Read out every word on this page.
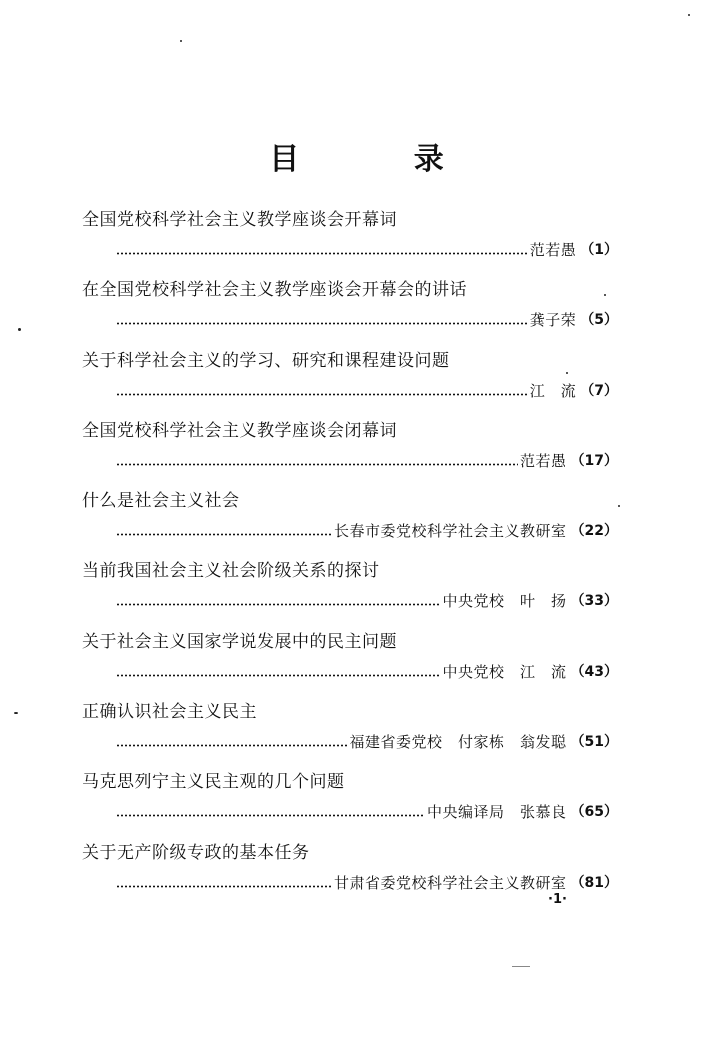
目 录
全国党校科学社会主义教学座谈会开幕词
范若愚 （1）
在全国党校科学社会主义教学座谈会开幕会的讲话
龚子荣 （5）
关于科学社会主义的学习、研究和课程建设问题
江　流 （7）
全国党校科学社会主义教学座谈会闭幕词
范若愚 （17）
什么是社会主义社会
长春市委党校科学社会主义教研室 （22）
当前我国社会主义社会阶级关系的探讨
中央党校　叶　扬 （33）
关于社会主义国家学说发展中的民主问题
中央党校　江　流 （43）
正确认识社会主义民主
福建省委党校　付家栋　翁发聪 （51）
马克思列宁主义民主观的几个问题
中央编译局　张慕良 （65）
关于无产阶级专政的基本任务
甘肃省委党校科学社会主义教研室 （81）
·1·
